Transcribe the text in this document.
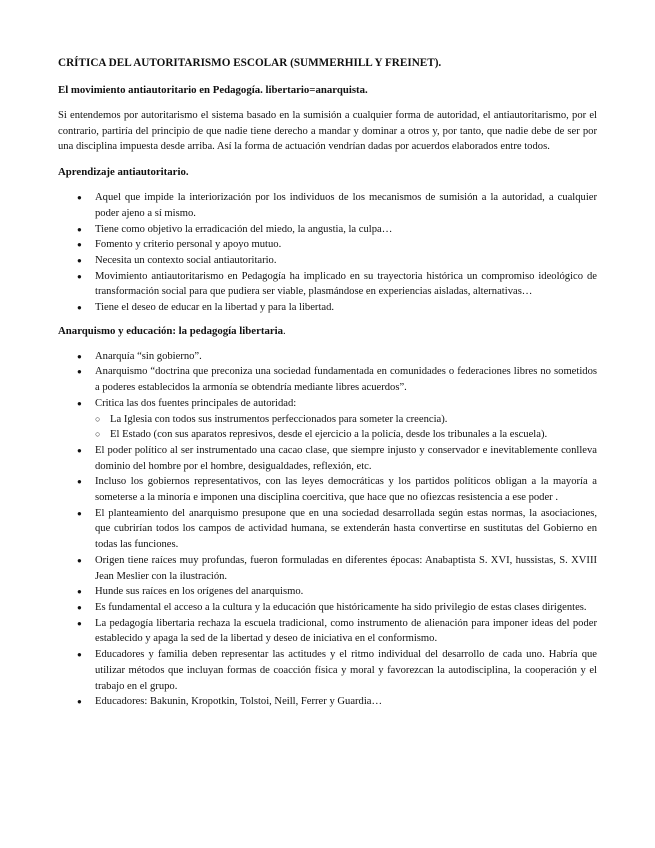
CRÍTICA DEL AUTORITARISMO ESCOLAR (SUMMERHILL Y FREINET).
El movimiento antiautoritario en Pedagogía. libertario=anarquista.

Si entendemos por autoritarismo el sistema basado en la sumisión a cualquier forma de autoridad, el antiautoritarismo, por el contrario, partiría del principio de que nadie tiene derecho a mandar y dominar a otros y, por tanto, que nadie debe de ser por una disciplina impuesta desde arriba. Así la forma de actuación vendrían dadas por acuerdos elaborados entre todos.

Aprendizaje antiautoritario.
● Aquel que impide la interiorización por los individuos de los mecanismos de sumisión a la autoridad, a cualquier poder ajeno a sí mismo.
● Tiene como objetivo la erradicación del miedo, la angustia, la culpa…
● Fomento y criterio personal y apoyo mutuo.
● Necesita un contexto social antiautoritario.
● Movimiento antiautoritarismo en Pedagogía ha implicado en su trayectoria histórica un compromiso ideológico de transformación social para que pudiera ser viable, plasmándose en experiencias aisladas, alternativas…
● Tiene el deseo de educar en la libertad y para la libertad.
Anarquismo y educación: la pedagogía libertaria.
● Anarquía “sin gobierno”.
● Anarquismo “doctrina que preconiza una sociedad fundamentada en comunidades o federaciones libres no sometidos a poderes establecidos la armonía se obtendría mediante libres acuerdos”.
● Critica las dos fuentes principales de autoridad:
○ La Iglesia con todos sus instrumentos perfeccionados para someter la creencia).
○ El Estado (con sus aparatos represivos, desde el ejercicio a la policía, desde los tribunales a la escuela).
● El poder político al ser instrumentado una cacao clase, que siempre injusto y conservador e inevitablemente conlleva dominio del hombre por el hombre, desigualdades, reflexión, etc.
● Incluso los gobiernos representativos, con las leyes democráticas y los partidos políticos obligan a la mayoría a someterse a la minoría e imponen una disciplina coercitiva, que hace que no ofiezcas resistencia a ese poder .
● El planteamiento del anarquismo presupone que en una sociedad desarrollada según estas normas, la asociaciones, que cubrirían todos los campos de actividad humana, se extenderán hasta convertirse en sustitutas del Gobierno en todas las funciones.
● Origen tiene raíces muy profundas, fueron formuladas en diferentes épocas: Anabaptista S. XVI, hussistas, S. XVIII Jean Meslier con la ilustración.
● Hunde sus raíces en los orígenes del anarquismo.
● Es fundamental el acceso a la cultura y la educación que históricamente ha sido privilegio de estas clases dirigentes.
● La pedagogía libertaria rechaza la escuela tradicional, como instrumento de alienación para imponer ideas del poder establecido y apaga la sed de la libertad y deseo de iniciativa en el conformismo.
● Educadores y familia deben representar las actitudes y el ritmo individual del desarrollo de cada uno. Habría que utilizar métodos que incluyan formas de coacción física y moral y favorezcan la autodisciplina, la cooperación y el trabajo en el grupo.
● Educadores: Bakunin, Kropotkin, Tolstoi, Neill, Ferrer y Guardia…
